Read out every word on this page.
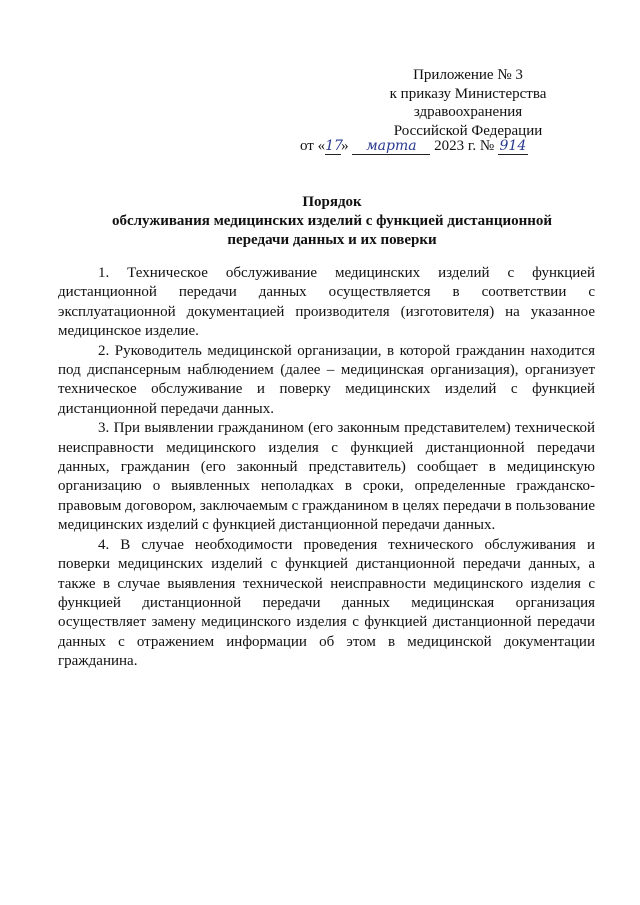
Приложение № 3
к приказу Министерства
здравоохранения
Российской Федерации
от «17» марта 2023 г. № 914
Порядок
обслуживания медицинских изделий с функцией дистанционной
передачи данных и их поверки

1. Техническое обслуживание медицинских изделий с функцией дистанционной передачи данных осуществляется в соответствии с эксплуатационной документацией производителя (изготовителя) на указанное медицинское изделие.

2. Руководитель медицинской организации, в которой гражданин находится под диспансерным наблюдением (далее – медицинская организация), организует техническое обслуживание и поверку медицинских изделий с функцией дистанционной передачи данных.

3. При выявлении гражданином (его законным представителем) технической неисправности медицинского изделия с функцией дистанционной передачи данных, гражданин (его законный представитель) сообщает в медицинскую организацию о выявленных неполадках в сроки, определенные гражданско-правовым договором, заключаемым с гражданином в целях передачи в пользование медицинских изделий с функцией дистанционной передачи данных.

4. В случае необходимости проведения технического обслуживания и поверки медицинских изделий с функцией дистанционной передачи данных, а также в случае выявления технической неисправности медицинского изделия с функцией дистанционной передачи данных медицинская организация осуществляет замену медицинского изделия с функцией дистанционной передачи данных с отражением информации об этом в медицинской документации гражданина.
